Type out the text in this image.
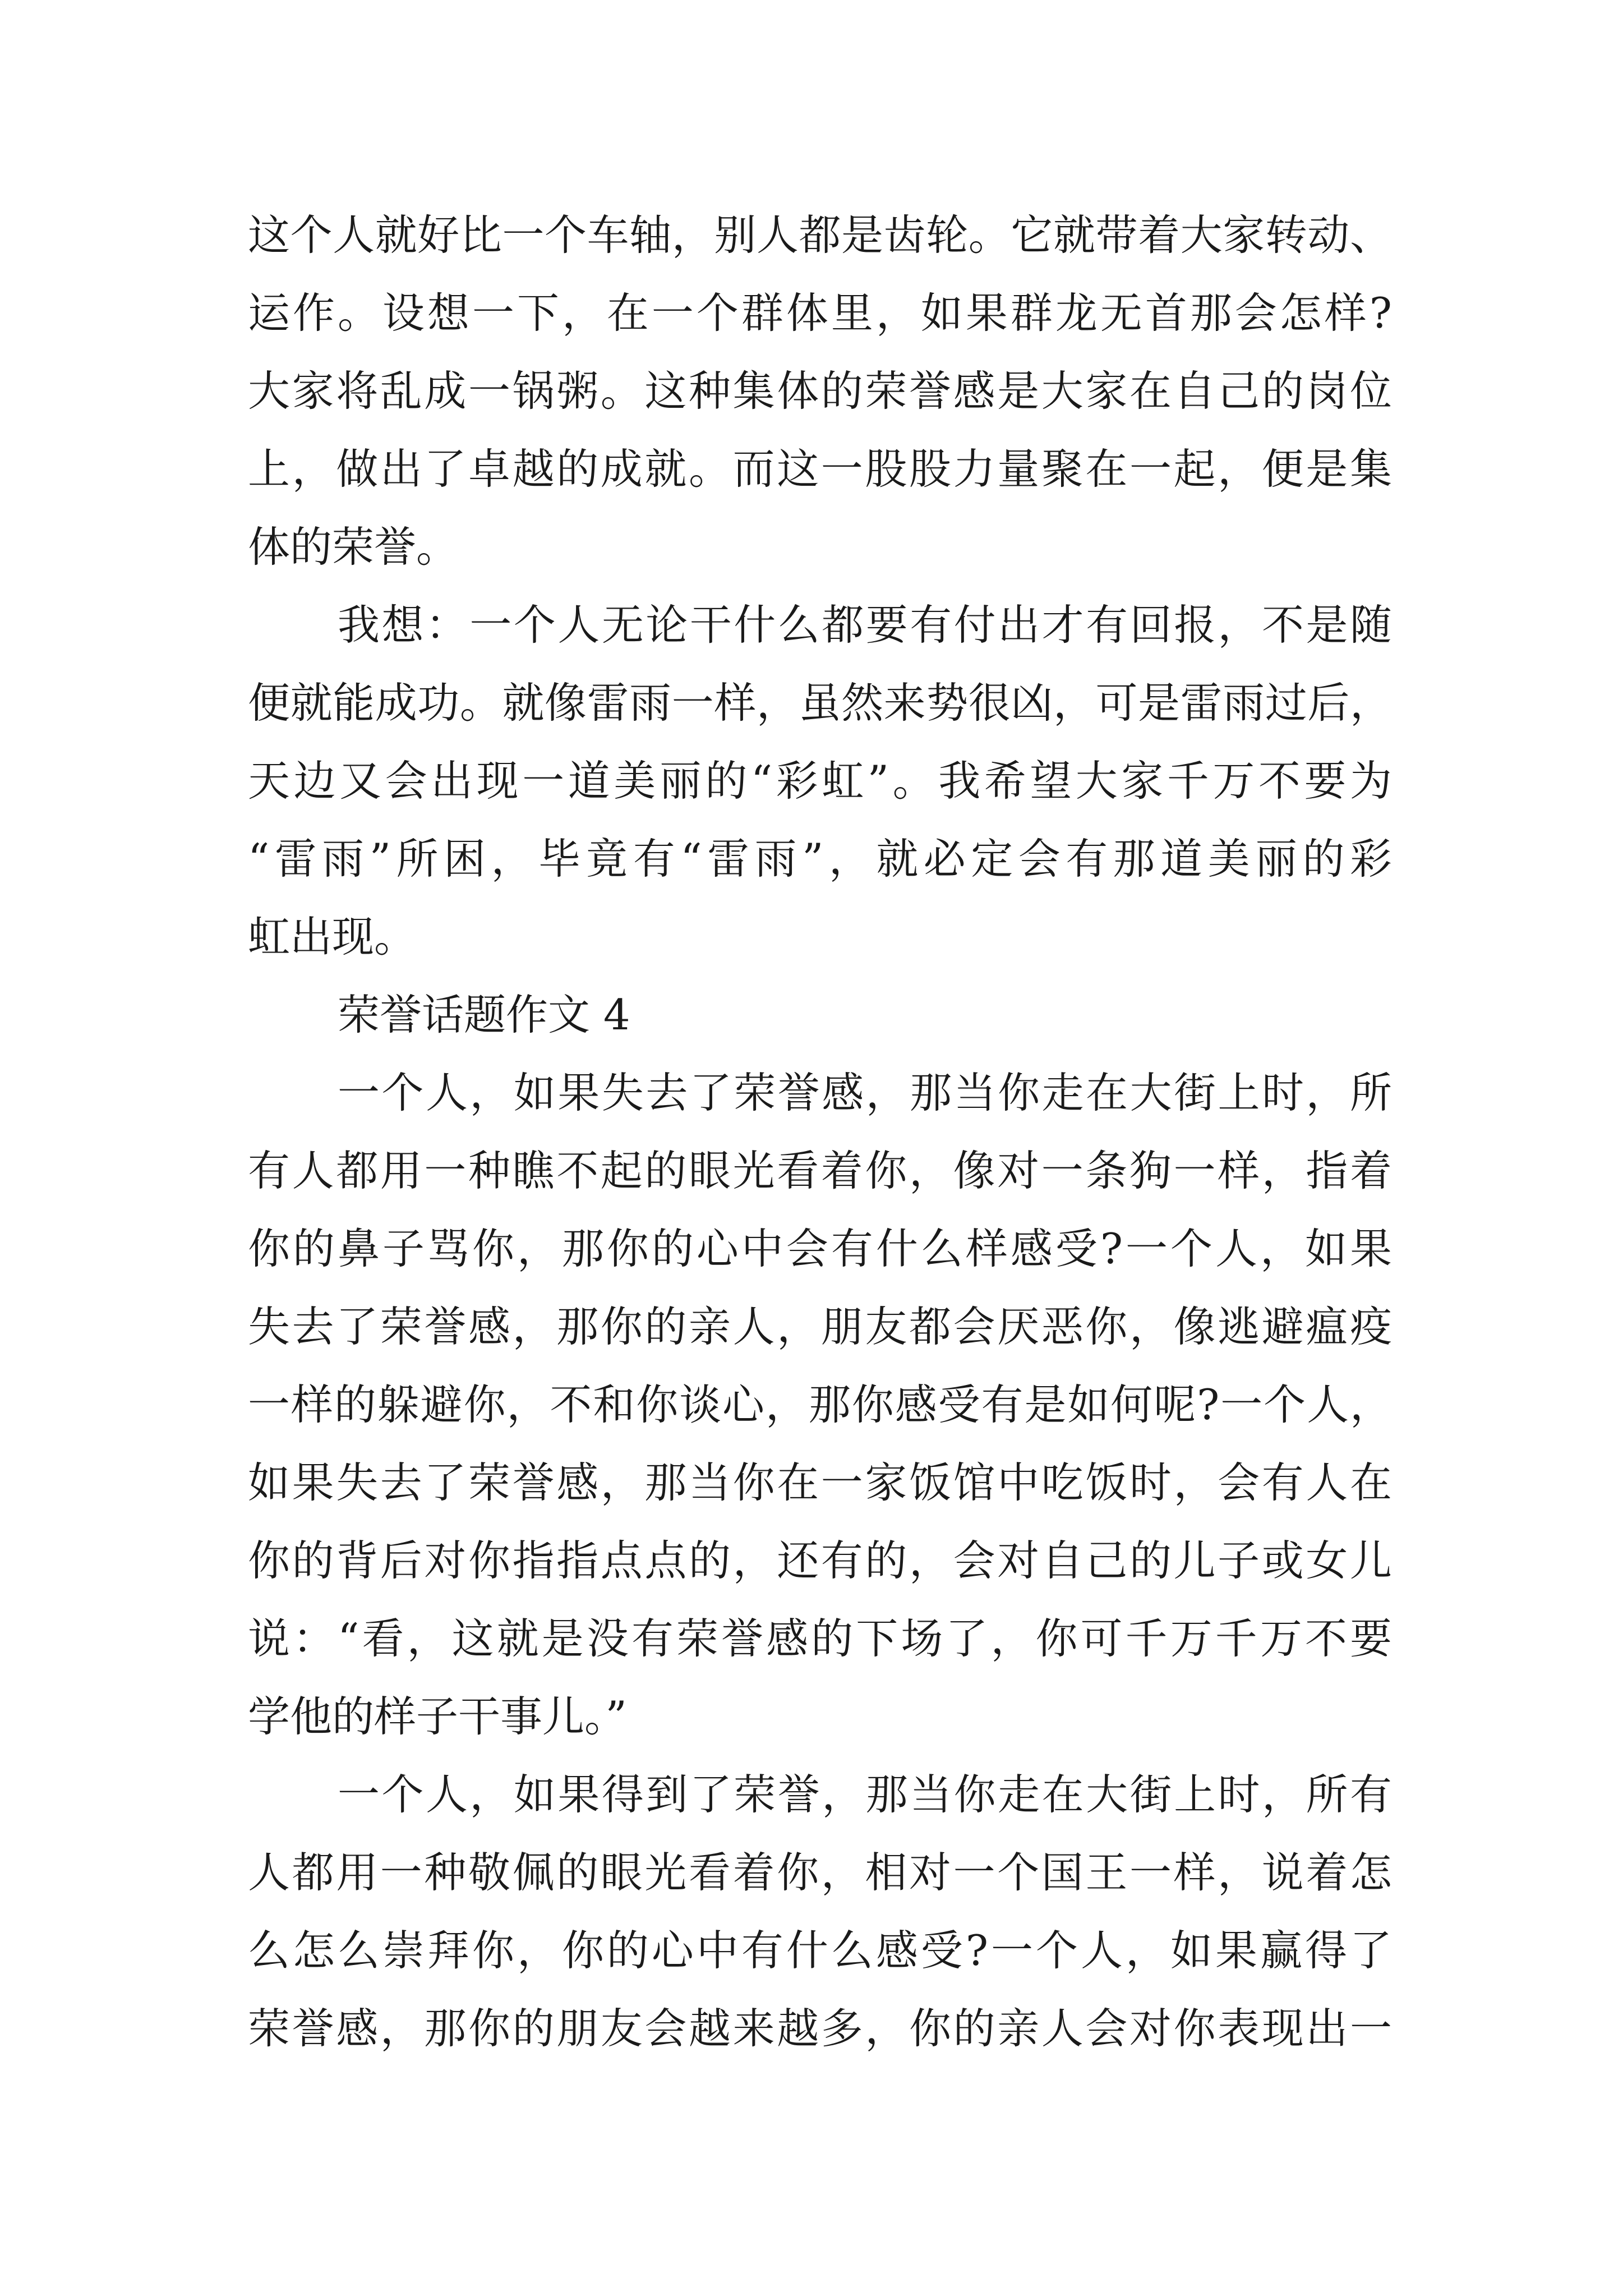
这个人就好比一个车轴，别人都是齿轮。它就带着大家转动、
运作。设想一下，在一个群体里，如果群龙无首那会怎样?
大家将乱成一锅粥。这种集体的荣誉感是大家在自己的岗位
上，做出了卓越的成就。而这一股股力量聚在一起，便是集
体的荣誉。
我想：一个人无论干什么都要有付出才有回报，不是随
便就能成功。就像雷雨一样，虽然来势很凶，可是雷雨过后，
天边又会出现一道美丽的“彩虹”。我希望大家千万不要为
“雷雨”所困，毕竟有“雷雨”，就必定会有那道美丽的彩
虹出现。
荣誉话题作文 4
一个人，如果失去了荣誉感，那当你走在大街上时，所
有人都用一种瞧不起的眼光看着你，像对一条狗一样，指着
你的鼻子骂你，那你的心中会有什么样感受?一个人，如果
失去了荣誉感，那你的亲人，朋友都会厌恶你，像逃避瘟疫
一样的躲避你，不和你谈心，那你感受有是如何呢?一个人，
如果失去了荣誉感，那当你在一家饭馆中吃饭时，会有人在
你的背后对你指指点点的，还有的，会对自己的儿子或女儿
说：“看，这就是没有荣誉感的下场了，你可千万千万不要
学他的样子干事儿。”
一个人，如果得到了荣誉，那当你走在大街上时，所有
人都用一种敬佩的眼光看着你，相对一个国王一样，说着怎
么怎么崇拜你，你的心中有什么感受?一个人，如果赢得了
荣誉感，那你的朋友会越来越多，你的亲人会对你表现出一
